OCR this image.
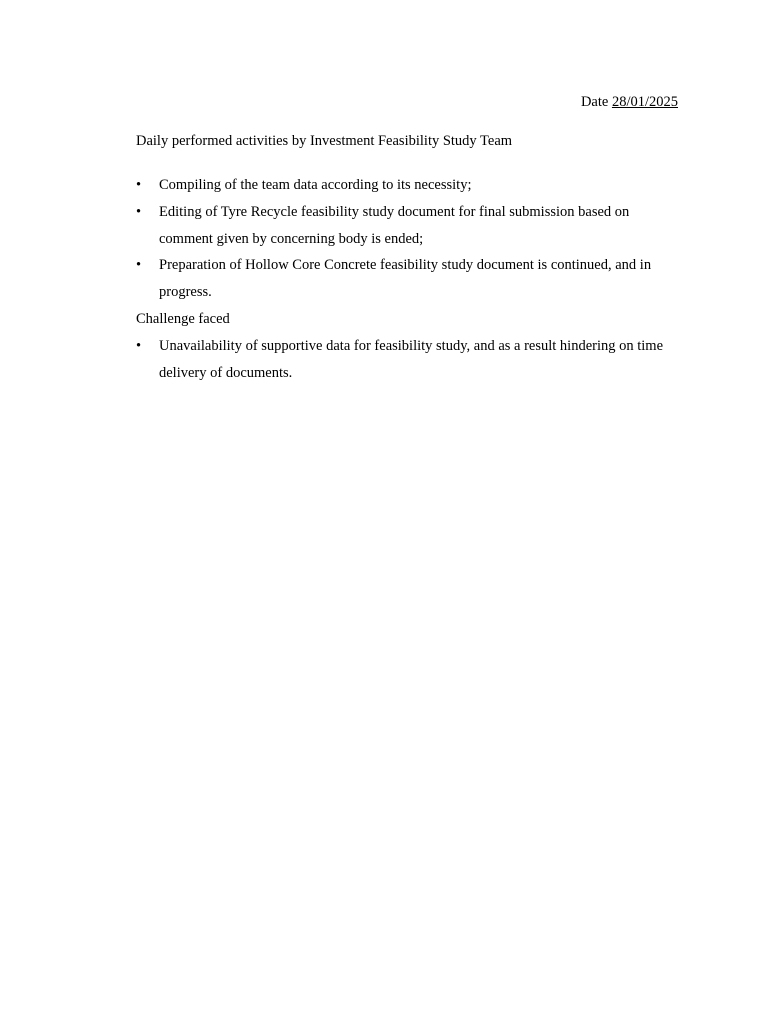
Date 28/01/2025
Daily performed activities by Investment Feasibility Study Team
• Compiling of the team data according to its necessity;
• Editing of Tyre Recycle feasibility study document for final submission based on comment given by concerning body is ended;
• Preparation of Hollow Core Concrete feasibility study document is continued, and in progress.
Challenge faced
• Unavailability of supportive data for feasibility study, and as a result hindering on time delivery of documents.
